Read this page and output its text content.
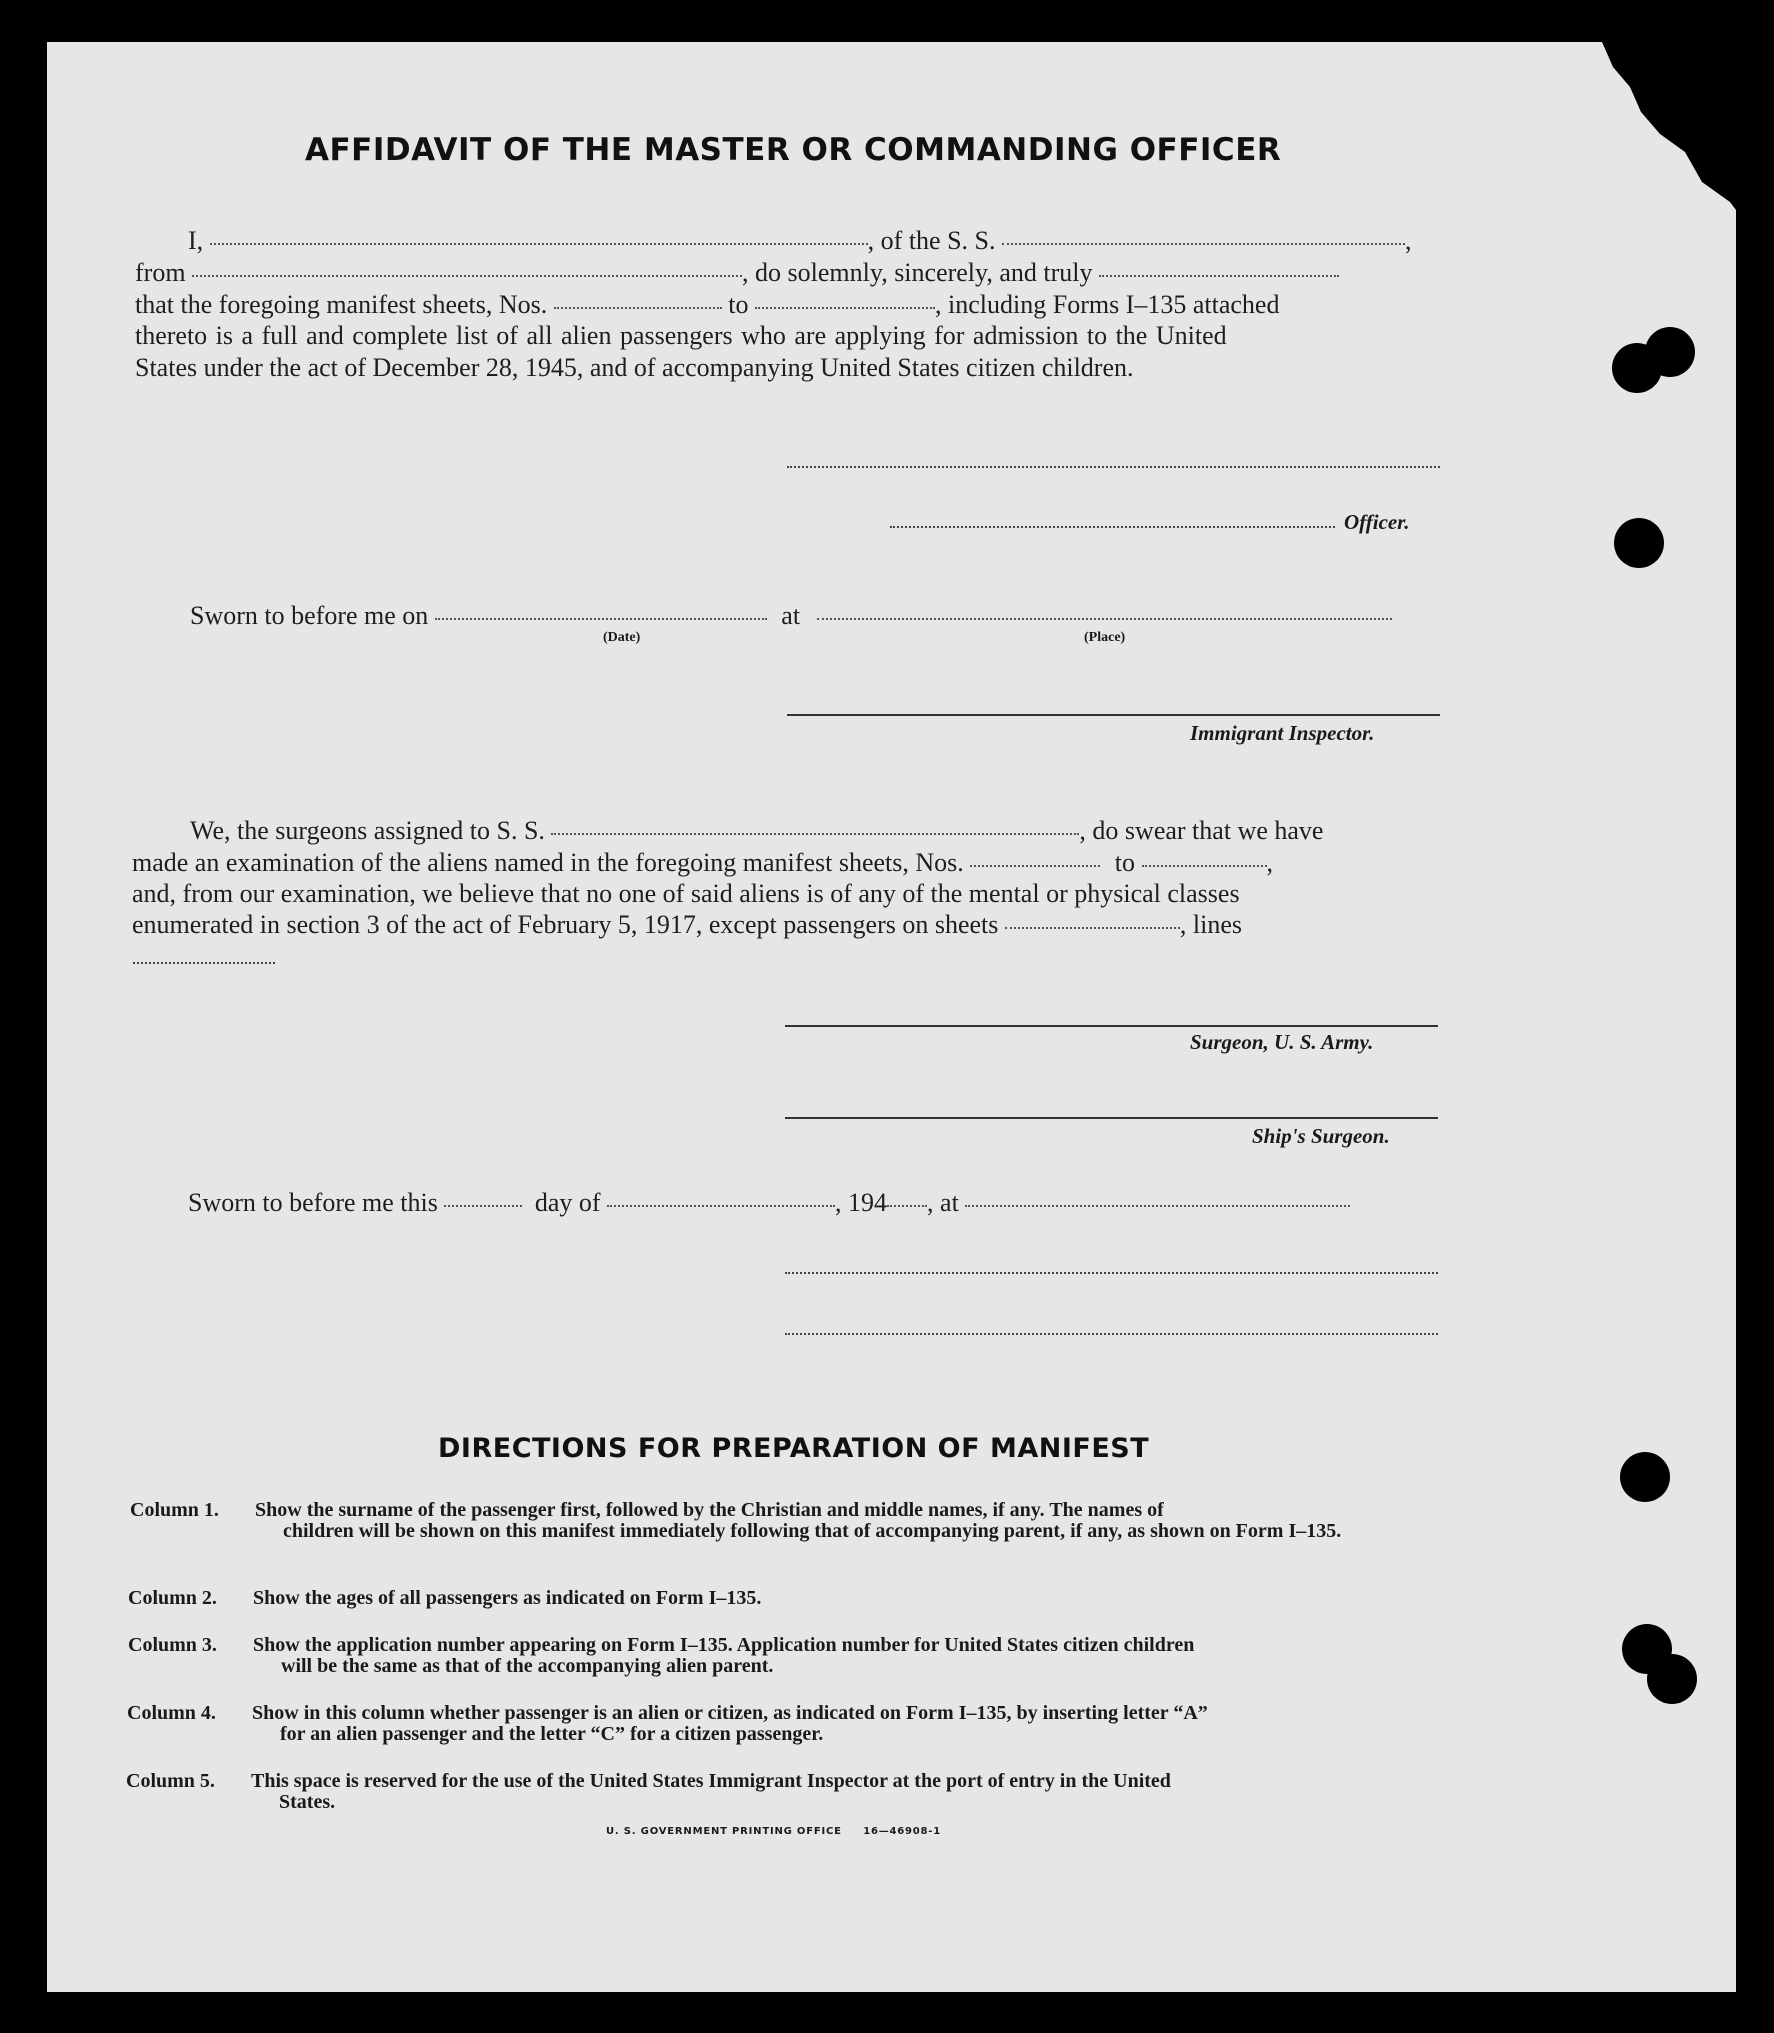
AFFIDAVIT OF THE MASTER OR COMMANDING OFFICER
I,	, of the S. S.	,
from	, do solemnly, sincerely, and truly
that the foregoing manifest sheets, Nos.	to	, including Forms I–135 attached
thereto is a full and complete list of all alien passengers who are applying for admission to the United
States under the act of December 28, 1945, and of accompanying United States citizen children.
Officer.
Sworn to before me on	at
(Date)	(Place)
Immigrant Inspector.
We, the surgeons assigned to S. S.	, do swear that we have
made an examination of the aliens named in the foregoing manifest sheets, Nos.	to	,
and, from our examination, we believe that no one of said aliens is of any of the mental or physical classes
enumerated in section 3 of the act of February 5, 1917, except passengers on sheets	, lines
Surgeon, U. S. Army.
Ship's Surgeon.
Sworn to before me this	day of	, 194 , at
DIRECTIONS FOR PREPARATION OF MANIFEST
Column 1.	Show the surname of the passenger first, followed by the Christian and middle names, if any. The names of
children will be shown on this manifest immediately following that of accompanying parent, if any, as shown on Form I–135.
Column 2.	Show the ages of all passengers as indicated on Form I–135.
Column 3.	Show the application number appearing on Form I–135. Application number for United States citizen children
will be the same as that of the accompanying alien parent.
Column 4.	Show in this column whether passenger is an alien or citizen, as indicated on Form I–135, by inserting letter “A”
for an alien passenger and the letter “C” for a citizen passenger.
Column 5.	This space is reserved for the use of the United States Immigrant Inspector at the port of entry in the United
States.
U. S. GOVERNMENT PRINTING OFFICE     16—46908-1
